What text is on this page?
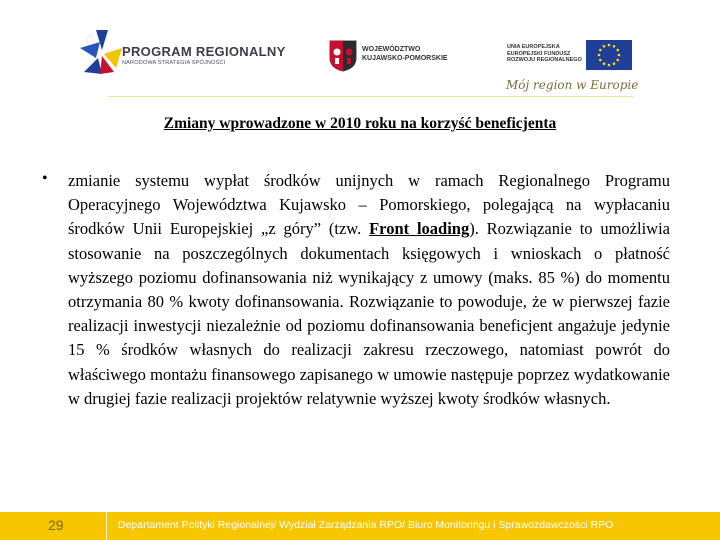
PROGRAM REGIONALNY
NARODOWA STRATEGIA SPÓJNOŚCI
WOJEWÓDZTWO
KUJAWSKO-POMORSKIE
UNIA EUROPEJSKA
EUROPEJSKI FUNDUSZ
ROZWOJU REGIONALNEGO
Mój region w Europie
Zmiany wprowadzone w 2010 roku na korzyść beneficjenta
• zmianie systemu wypłat środków unijnych w ramach Regionalnego Programu Operacyjnego Województwa Kujawsko – Pomorskiego, polegającą na wypłacaniu środków Unii Europejskiej „z góry” (tzw. Front loading). Rozwiązanie to umożliwia stosowanie na poszczególnych dokumentach księgowych i wnioskach o płatność wyższego poziomu dofinansowania niż wynikający z umowy (maks. 85 %) do momentu otrzymania 80 % kwoty dofinansowania. Rozwiązanie to powoduje, że w pierwszej fazie realizacji inwestycji niezależnie od poziomu dofinansowania beneficjent angażuje jedynie 15 % środków własnych do realizacji zakresu rzeczowego, natomiast powrót do właściwego montażu finansowego zapisanego w umowie następuje poprzez wydatkowanie w drugiej fazie realizacji projektów relatywnie wyższej kwoty środków własnych.
29	Departament Polityki Regionalnej/ Wydział Zarządzania RPO/ Biuro Monitoringu i Sprawozdawczości RPO
